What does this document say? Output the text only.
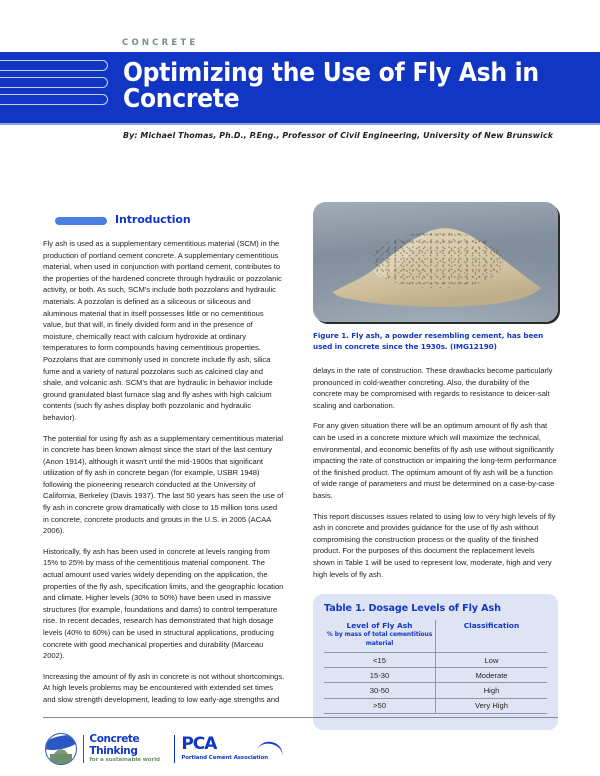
CONCRETE
Optimizing the Use of Fly Ash in Concrete
By: Michael Thomas, Ph.D., P.Eng., Professor of Civil Engineering, University of New Brunswick
Introduction

Fly ash is used as a supplementary cementitious material (SCM) in the production of portland cement concrete. A supplementary cementitious material, when used in conjunction with portland cement, contributes to the properties of the hardened concrete through hydraulic or pozzolanic activity, or both. As such, SCM's include both pozzolans and hydraulic materials. A pozzolan is defined as a siliceous or siliceous and aluminous material that in itself possesses little or no cementitious value, but that will, in finely divided form and in the presence of moisture, chemically react with calcium hydroxide at ordinary temperatures to form compounds having cementitious properties. Pozzolans that are commonly used in concrete include fly ash, silica fume and a variety of natural pozzolans such as calcined clay and shale, and volcanic ash. SCM's that are hydraulic in behavior include ground granulated blast furnace slag and fly ashes with high calcium contents (such fly ashes display both pozzolanic and hydraulic behavior).

The potential for using fly ash as a supplementary cementitious material in concrete has been known almost since the start of the last century (Anon 1914), although it wasn't until the mid-1900s that significant utilization of fly ash in concrete began (for example, USBR 1948) following the pioneering research conducted at the University of California, Berkeley (Davis 1937). The last 50 years has seen the use of fly ash in concrete grow dramatically with close to 15 million tons used in concrete, concrete products and grouts in the U.S. in 2005 (ACAA 2006).

Historically, fly ash has been used in concrete at levels ranging from 15% to 25% by mass of the cementitious material component. The actual amount used varies widely depending on the application, the properties of the fly ash, specification limits, and the geographic location and climate. Higher levels (30% to 50%) have been used in massive structures (for example, foundations and dams) to control temperature rise. In recent decades, research has demonstrated that high dosage levels (40% to 60%) can be used in structural applications, producing concrete with good mechanical properties and durability (Marceau 2002).

Increasing the amount of fly ash in concrete is not without shortcomings. At high levels problems may be encountered with extended set times and slow strength development, leading to low early-age strengths and

Figure 1. Fly ash, a powder resembling cement, has been used in concrete since the 1930s. (IMG12190)

delays in the rate of construction. These drawbacks become particularly pronounced in cold-weather concreting. Also, the durability of the concrete may be compromised with regards to resistance to deicer-salt scaling and carbonation.

For any given situation there will be an optimum amount of fly ash that can be used in a concrete mixture which will maximize the technical, environmental, and economic benefits of fly ash use without significantly impacting the rate of construction or impairing the long-term performance of the finished product. The optimum amount of fly ash will be a function of wide range of parameters and must be determined on a case-by-case basis.

This report discusses issues related to using low to very high levels of fly ash in concrete and provides guidance for the use of fly ash without compromising the construction process or the quality of the finished product. For the purposes of this document the replacement levels shown in Table 1 will be used to represent low, moderate, high and very high levels of fly ash.

Table 1. Dosage Levels of Fly Ash
Level of Fly Ash
% by mass of total cementitious material	Classification

<15	Low
15-30	Moderate
30-50	High
>50	Very High
Concrete
Thinking
for a sustainable world
PCA
Portland Cement Association
